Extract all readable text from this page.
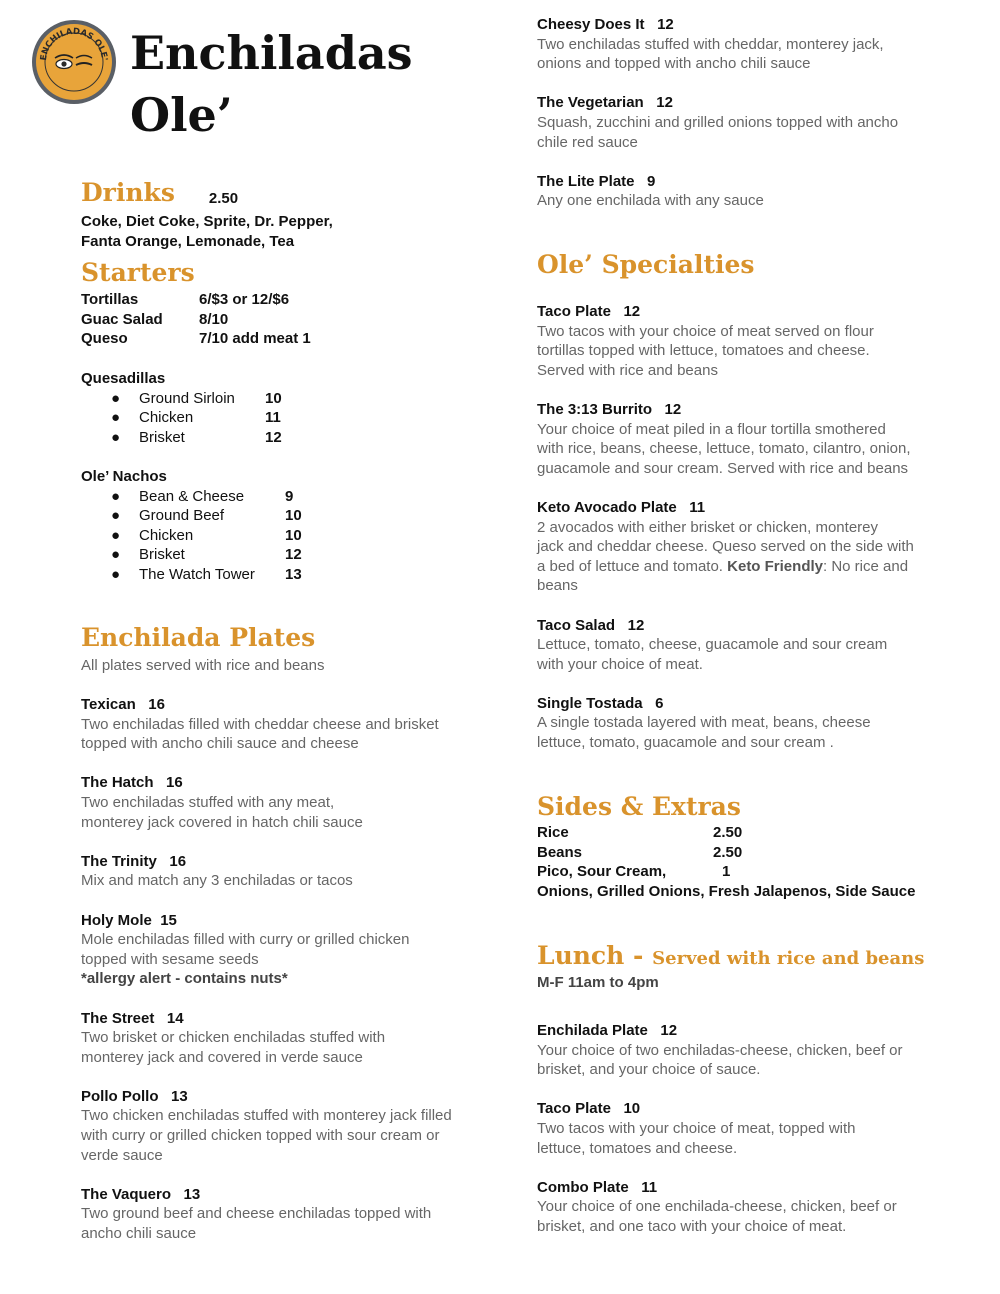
ENCHILADAS OLE' Enchiladas
Ole’
Drinks 2.50
Coke, Diet Coke, Sprite, Dr. Pepper,
Fanta Orange, Lemonade, Tea
Starters
Tortillas	6/$3 or 12/$6
Guac Salad	8/10
Queso	7/10 add meat 1
Quesadillas
●	Ground Sirloin	10
●	Chicken	11
●	Brisket	12
Ole’ Nachos
●	Bean & Cheese	9
●	Ground Beef	10
●	Chicken	10
●	Brisket	12
●	The Watch Tower	13
Enchilada Plates
All plates served with rice and beans
Texican 16
Two enchiladas filled with cheddar cheese and brisket
topped with ancho chili sauce and cheese
The Hatch 16
Two enchiladas stuffed with any meat,
monterey jack covered in hatch chili sauce
The Trinity 16
Mix and match any 3 enchiladas or tacos
Holy Mole 15
Mole enchiladas filled with curry or grilled chicken
topped with sesame seeds
*allergy alert - contains nuts*
The Street 14
Two brisket or chicken enchiladas stuffed with
monterey jack and covered in verde sauce
Pollo Pollo 13
Two chicken enchiladas stuffed with monterey jack filled
with curry or grilled chicken topped with sour cream or
verde sauce
The Vaquero 13
Two ground beef and cheese enchiladas topped with
ancho chili sauce
Cheesy Does It 12
Two enchiladas stuffed with cheddar, monterey jack,
onions and topped with ancho chili sauce
The Vegetarian 12
Squash, zucchini and grilled onions topped with ancho
chile red sauce
The Lite Plate 9
Any one enchilada with any sauce
Ole’ Specialties
Taco Plate 12
Two tacos with your choice of meat served on flour
tortillas topped with lettuce, tomatoes and cheese.
Served with rice and beans
The 3:13 Burrito 12
Your choice of meat piled in a flour tortilla smothered
with rice, beans, cheese, lettuce, tomato, cilantro, onion,
guacamole and sour cream. Served with rice and beans
Keto Avocado Plate 11
2 avocados with either brisket or chicken, monterey
jack and cheddar cheese. Queso served on the side with
a bed of lettuce and tomato. Keto Friendly: No rice and
beans
Taco Salad 12
Lettuce, tomato, cheese, guacamole and sour cream
with your choice of meat.
Single Tostada 6
A single tostada layered with meat, beans, cheese
lettuce, tomato, guacamole and sour cream .
Sides & Extras
Rice	2.50
Beans	2.50
Pico, Sour Cream,	1
Onions, Grilled Onions, Fresh Jalapenos, Side Sauce
Lunch - Served with rice and beans
M-F 11am to 4pm
Enchilada Plate 12
Your choice of two enchiladas-cheese, chicken, beef or
brisket, and your choice of sauce.
Taco Plate 10
Two tacos with your choice of meat, topped with
lettuce, tomatoes and cheese.
Combo Plate 11
Your choice of one enchilada-cheese, chicken, beef or
brisket, and one taco with your choice of meat.
